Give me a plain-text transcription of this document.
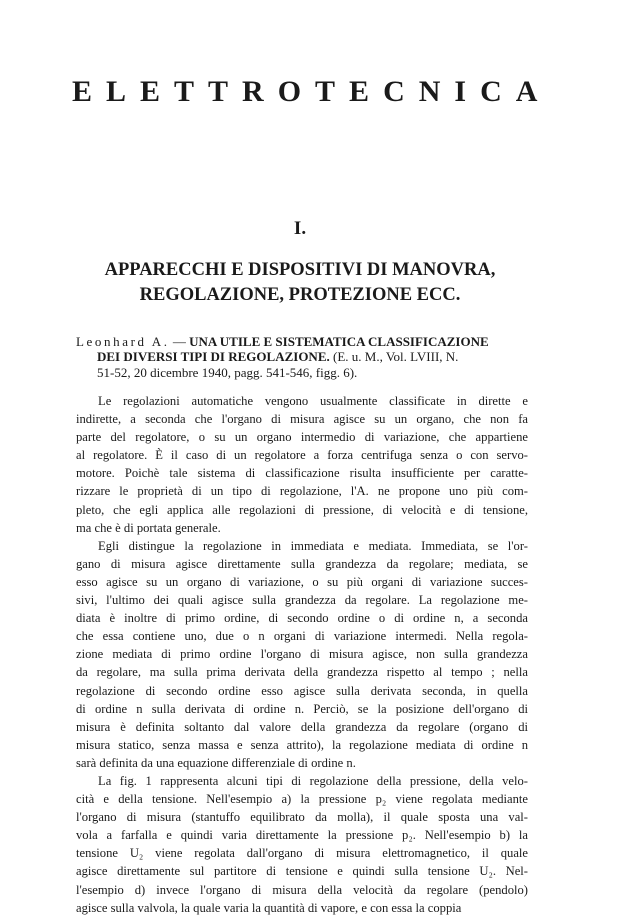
ELETTROTECNICA
I.
APPARECCHI E DISPOSITIVI DI MANOVRA,
REGOLAZIONE, PROTEZIONE ECC.
Leonhard A. — UNA UTILE E SISTEMATICA CLASSIFICAZIONE
DEI DIVERSI TIPI DI REGOLAZIONE. (E. u. M., Vol. LVIII, N.
51-52, 20 dicembre 1940, pagg. 541-546, figg. 6).
Le regolazioni automatiche vengono usualmente classificate in dirette e
indirette, a seconda che l'organo di misura agisce su un organo, che non fa
parte del regolatore, o su un organo intermedio di variazione, che appartiene
al regolatore. È il caso di un regolatore a forza centrifuga senza o con servo-
motore. Poichè tale sistema di classificazione risulta insufficiente per caratte-
rizzare le proprietà di un tipo di regolazione, l'A. ne propone uno più com-
pleto, che egli applica alle regolazioni di pressione, di velocità e di tensione,
ma che è di portata generale.
Egli distingue la regolazione in immediata e mediata. Immediata, se l'or-
gano di misura agisce direttamente sulla grandezza da regolare; mediata, se
esso agisce su un organo di variazione, o su più organi di variazione succes-
sivi, l'ultimo dei quali agisce sulla grandezza da regolare. La regolazione me-
diata è inoltre di primo ordine, di secondo ordine o di ordine n, a seconda
che essa contiene uno, due o n organi di variazione intermedi. Nella regola-
zione mediata di primo ordine l'organo di misura agisce, non sulla grandezza
da regolare, ma sulla prima derivata della grandezza rispetto al tempo ; nella
regolazione di secondo ordine esso agisce sulla derivata seconda, in quella
di ordine n sulla derivata di ordine n. Perciò, se la posizione dell'organo di
misura è definita soltanto dal valore della grandezza da regolare (organo di
misura statico, senza massa e senza attrito), la regolazione mediata di ordine n
sarà definita da una equazione differenziale di ordine n.
La fig. 1 rappresenta alcuni tipi di regolazione della pressione, della velo-
cità e della tensione. Nell'esempio a) la pressione p₂ viene regolata mediante
l'organo di misura (stantuffo equilibrato da molla), il quale sposta una val-
vola a farfalla e quindi varia direttamente la pressione p₂. Nell'esempio b) la
tensione U₂ viene regolata dall'organo di misura elettromagnetico, il quale
agisce direttamente sul partitore di tensione e quindi sulla tensione U₂. Nel-
l'esempio d) invece l'organo di misura della velocità da regolare (pendolo)
agisce sulla valvola, la quale varia la quantità di vapore, e con essa la coppia
